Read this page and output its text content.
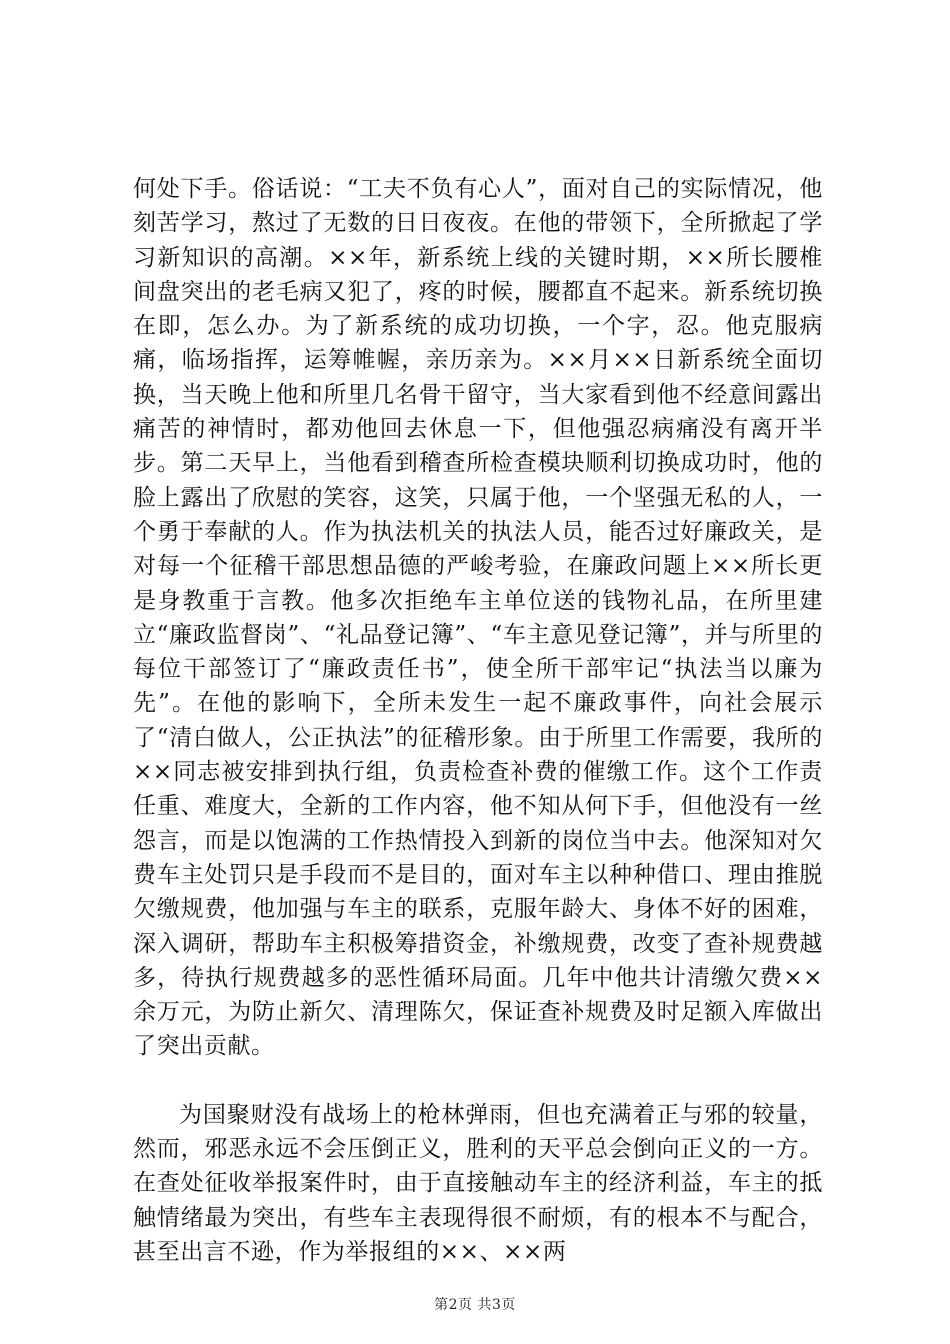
何处下手。俗话说：“工夫不负有心人”，面对自己的实际情况，他刻苦学习，熬过了无数的日日夜夜。在他的带领下，全所掀起了学习新知识的高潮。××年，新系统上线的关键时期，××所长腰椎间盘突出的老毛病又犯了，疼的时候，腰都直不起来。新系统切换在即，怎么办。为了新系统的成功切换，一个字，忍。他克服病痛，临场指挥，运筹帷幄，亲历亲为。××月××日新系统全面切换，当天晚上他和所里几名骨干留守，当大家看到他不经意间露出痛苦的神情时，都劝他回去休息一下，但他强忍病痛没有离开半步。第二天早上，当他看到稽查所检查模块顺利切换成功时，他的脸上露出了欣慰的笑容，这笑，只属于他，一个坚强无私的人，一个勇于奉献的人。作为执法机关的执法人员，能否过好廉政关，是对每一个征稽干部思想品德的严峻考验，在廉政问题上××所长更是身教重于言教。他多次拒绝车主单位送的钱物礼品，在所里建立“廉政监督岗”、“礼品登记簿”、“车主意见登记簿”，并与所里的每位干部签订了“廉政责任书”，使全所干部牢记“执法当以廉为先”。在他的影响下，全所未发生一起不廉政事件，向社会展示了“清白做人，公正执法”的征稽形象。由于所里工作需要，我所的××同志被安排到执行组，负责检查补费的催缴工作。这个工作责任重、难度大，全新的工作内容，他不知从何下手，但他没有一丝怨言，而是以饱满的工作热情投入到新的岗位当中去。他深知对欠费车主处罚只是手段而不是目的，面对车主以种种借口、理由推脱欠缴规费，他加强与车主的联系，克服年龄大、身体不好的困难，深入调研，帮助车主积极筹措资金，补缴规费，改变了查补规费越多，待执行规费越多的恶性循环局面。几年中他共计清缴欠费××余万元，为防止新欠、清理陈欠，保证查补规费及时足额入库做出了突出贡献。

为国聚财没有战场上的枪林弹雨，但也充满着正与邪的较量，然而，邪恶永远不会压倒正义，胜利的天平总会倒向正义的一方。在查处征收举报案件时，由于直接触动车主的经济利益，车主的抵触情绪最为突出，有些车主表现得很不耐烦，有的根本不与配合，甚至出言不逊，作为举报组的××、××两

第2页 共3页
